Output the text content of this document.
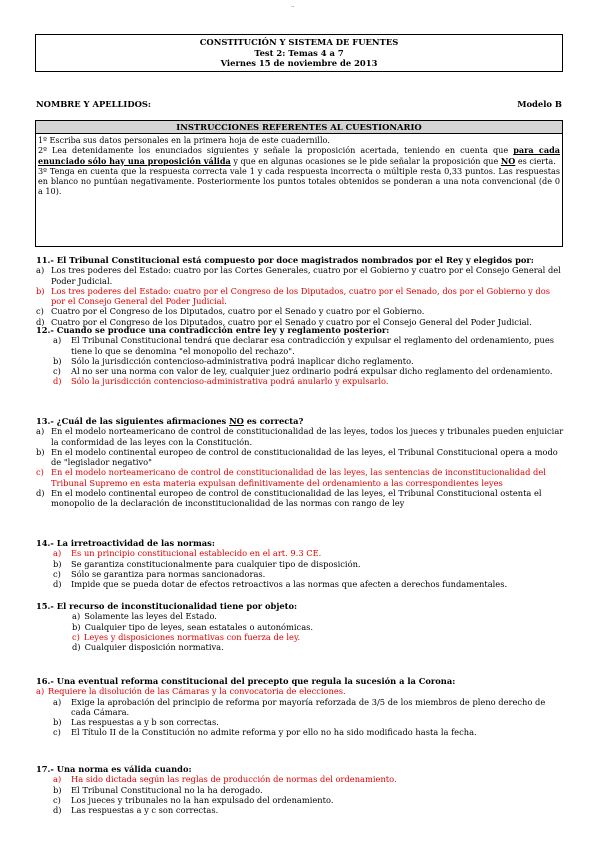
..
CONSTITUCIÓN Y SISTEMA DE FUENTES
Test 2: Temas 4 a 7
Viernes 15 de noviembre de 2013
NOMBRE Y APELLIDOS:	Modelo B
INSTRUCCIONES REFERENTES AL CUESTIONARIO

1º Escriba sus datos personales en la primera hoja de este cuadernillo.

2º Lea detenidamente los enunciados siguientes y señale la proposición acertada, teniendo en cuenta que para cada enunciado sólo hay una proposición válida y que en algunas ocasiones se le pide señalar la proposición que NO es cierta.

3º Tenga en cuenta que la respuesta correcta vale 1 y cada respuesta incorrecta o múltiple resta 0,33 puntos. Las respuestas en blanco no puntúan negativamente. Posteriormente los puntos totales obtenidos se ponderan a una nota convencional (de 0 a 10).

11.- El Tribunal Constitucional está compuesto por doce magistrados nombrados por el Rey y elegidos por:
a) Los tres poderes del Estado: cuatro por las Cortes Generales, cuatro por el Gobierno y cuatro por el Consejo General del Poder Judicial.
b) Los tres poderes del Estado: cuatro por el Congreso de los Diputados, cuatro por el Senado, dos por el Gobierno y dos por el Consejo General del Poder Judicial.
c) Cuatro por el Congreso de los Diputados, cuatro por el Senado y cuatro por el Gobierno.
d) Cuatro por el Congreso de los Diputados, cuatro por el Senado y cuatro por el Consejo General del Poder Judicial.
12.- Cuando se produce una contradicción entre ley y reglamento posterior:
a)	El Tribunal Constitucional tendrá que declarar esa contradicción y expulsar el reglamento del ordenamiento, pues tiene lo que se denomina "el monopolio del rechazo".
b)	Sólo la jurisdicción contencioso-administrativa podrá inaplicar dicho reglamento.
c)	Al no ser una norma con valor de ley, cualquier juez ordinario podrá expulsar dicho reglamento del ordenamiento.
d)	Sólo la jurisdicción contencioso-administrativa podrá anularlo y expulsarlo.
13.- ¿Cuál de las siguientes afirmaciones NO es correcta?
a) En el modelo norteamericano de control de constitucionalidad de las leyes, todos los jueces y tribunales pueden enjuiciar la conformidad de las leyes con la Constitución.
b) En el modelo continental europeo de control de constitucionalidad de las leyes, el Tribunal Constitucional opera a modo de "legislador negativo"
c) En el modelo norteamericano de control de constitucionalidad de las leyes, las sentencias de inconstitucionalidad del Tribunal Supremo en esta materia expulsan definitivamente del ordenamiento a las correspondientes leyes
d) En el modelo continental europeo de control de constitucionalidad de las leyes, el Tribunal Constitucional ostenta el monopolio de la declaración de inconstitucionalidad de las normas con rango de ley
14.- La irretroactividad de las normas:
a)	Es un principio constitucional establecido en el art. 9.3 CE.
b)	Se garantiza constitucionalmente para cualquier tipo de disposición.
c)	Sólo se garantiza para normas sancionadoras.
d)	Impide que se pueda dotar de efectos retroactivos a las normas que afecten a derechos fundamentales.
15.- El recurso de inconstitucionalidad tiene por objeto:
a) Solamente las leyes del Estado.
b) Cualquier tipo de leyes, sean estatales o autonómicas.
c) Leyes y disposiciones normativas con fuerza de ley.
d) Cualquier disposición normativa.
16.- Una eventual reforma constitucional del precepto que regula la sucesión a la Corona:
a) Requiere la disolución de las Cámaras y la convocatoria de elecciones.
a)	Exige la aprobación del principio de reforma por mayoría reforzada de 3/5 de los miembros de pleno derecho de cada Cámara.
b)	Las respuestas a y b son correctas.
c)	El Título II de la Constitución no admite reforma y por ello no ha sido modificado hasta la fecha.
17.- Una norma es válida cuando:
a)	Ha sido dictada según las reglas de producción de normas del ordenamiento.
b)	El Tribunal Constitucional no la ha derogado.
c)	Los jueces y tribunales no la han expulsado del ordenamiento.
d)	Las respuestas a y c son correctas.
